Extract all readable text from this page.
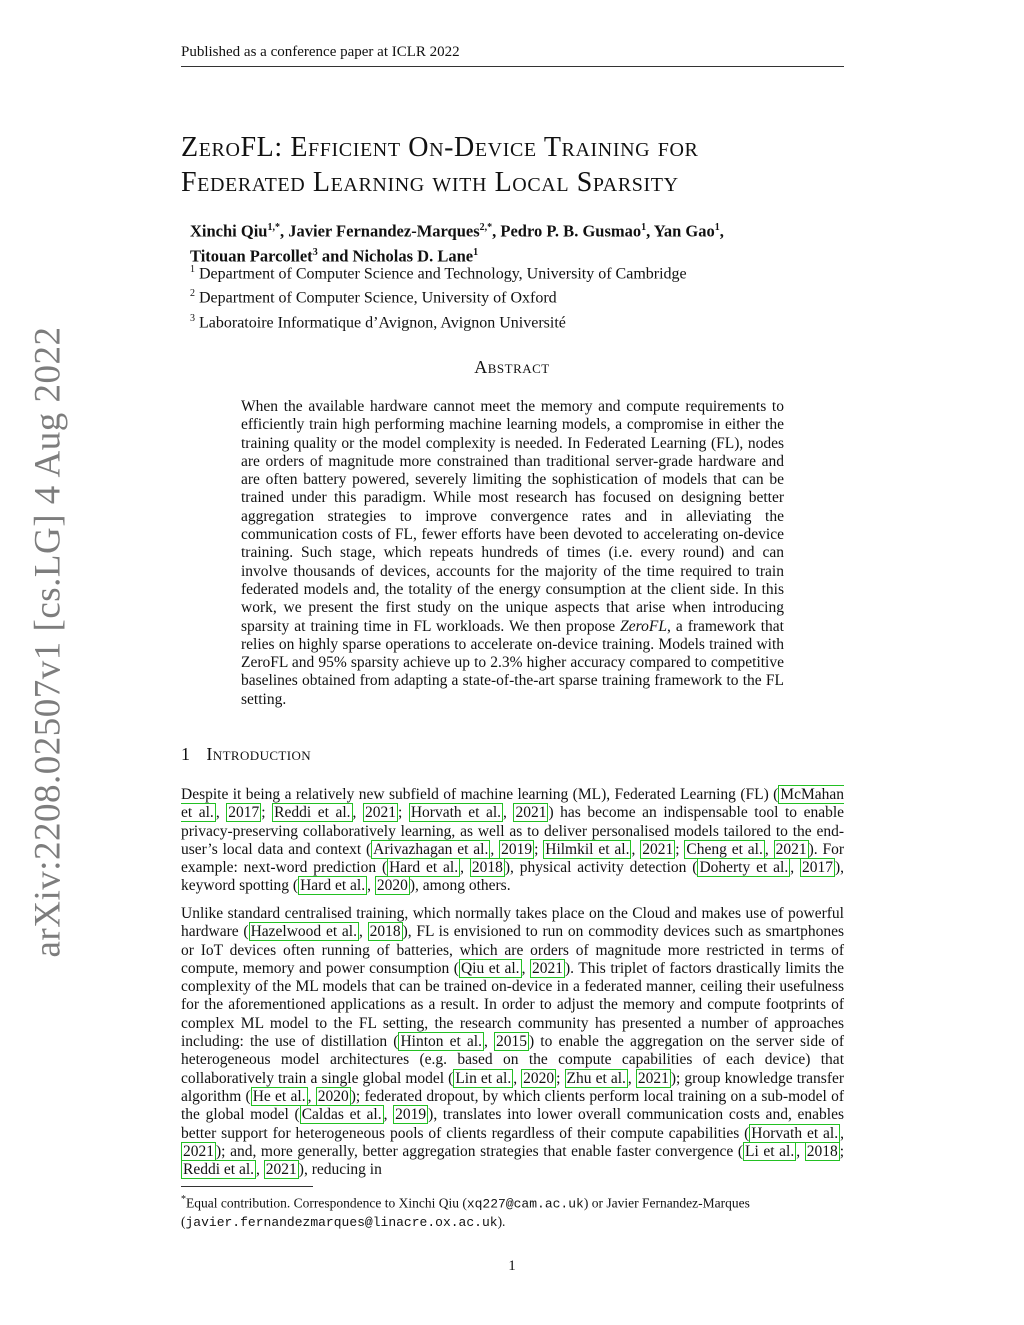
Published as a conference paper at ICLR 2022
arXiv:2208.02507v1 [cs.LG] 4 Aug 2022
ZeroFL: Efficient On-Device Training for
Federated Learning with Local Sparsity
Xinchi Qiu$^{1,*}$, Javier Fernandez-Marques$^{2,*}$, Pedro P. B. Gusmao$^1$, Yan Gao$^1$,
Titouan Parcollet$^3$ and Nicholas D. Lane$^1$
$^1$ Department of Computer Science and Technology, University of Cambridge
$^2$ Department of Computer Science, University of Oxford
$^3$ Laboratoire Informatique d’Avignon, Avignon Université
Abstract
When the available hardware cannot meet the memory and compute requirements to efficiently train high performing machine learning models, a compromise in either the training quality or the model complexity is needed. In Federated Learning (FL), nodes are orders of magnitude more constrained than traditional server-grade hardware and are often battery powered, severely limiting the sophistication of models that can be trained under this paradigm. While most research has focused on designing better aggregation strategies to improve convergence rates and in alleviating the communication costs of FL, fewer efforts have been devoted to accelerating on-device training. Such stage, which repeats hundreds of times (i.e. every round) and can involve thousands of devices, accounts for the majority of the time required to train federated models and, the totality of the energy consumption at the client side. In this work, we present the first study on the unique aspects that arise when introducing sparsity at training time in FL workloads. We then propose ZeroFL, a framework that relies on highly sparse operations to accelerate on-device training. Models trained with ZeroFL and 95% sparsity achieve up to 2.3% higher accuracy compared to competitive baselines obtained from adapting a state-of-the-art sparse training framework to the FL setting.
1 Introduction
Despite it being a relatively new subfield of machine learning (ML), Federated Learning (FL) ( McMahan et al. , 2017 ; Reddi et al. , 2021 ; Horvath et al. , 2021 ) has become an indispensable tool to enable privacy-preserving collaboratively learning, as well as to deliver personalised models tailored to the end-user’s local data and context ( Arivazhagan et al. , 2019 ; Hilmkil et al. , 2021 ; Cheng et al. , 2021 ). For example: next-word prediction ( Hard et al. , 2018 ), physical activity detection ( Doherty et al. , 2017 ), keyword spotting ( Hard et al. , 2020 ), among others.
Unlike standard centralised training, which normally takes place on the Cloud and makes use of powerful hardware ( Hazelwood et al. , 2018 ), FL is envisioned to run on commodity devices such as smartphones or IoT devices often running of batteries, which are orders of magnitude more restricted in terms of compute, memory and power consumption ( Qiu et al. , 2021 ). This triplet of factors drastically limits the complexity of the ML models that can be trained on-device in a federated manner, ceiling their usefulness for the aforementioned applications as a result. In order to adjust the memory and compute footprints of complex ML model to the FL setting, the research community has presented a number of approaches including: the use of distillation ( Hinton et al. , 2015 ) to enable the aggregation on the server side of heterogeneous model architectures (e.g. based on the compute capabilities of each device) that collaboratively train a single global model ( Lin et al. , 2020 ; Zhu et al. , 2021 ); group knowledge transfer algorithm ( He et al. , 2020 ); federated dropout, by which clients perform local training on a sub-model of the global model ( Caldas et al. , 2019 ), translates into lower overall communication costs and, enables better support for heterogeneous pools of clients regardless of their compute capabilities ( Horvath et al. , 2021 ); and, more generally, better aggregation strategies that enable faster convergence ( Li et al. , 2018 ; Reddi et al. , 2021 ), reducing in
*Equal contribution. Correspondence to Xinchi Qiu (xq227@cam.ac.uk) or Javier Fernandez-Marques (javier.fernandezmarques@linacre.ox.ac.uk).
1
